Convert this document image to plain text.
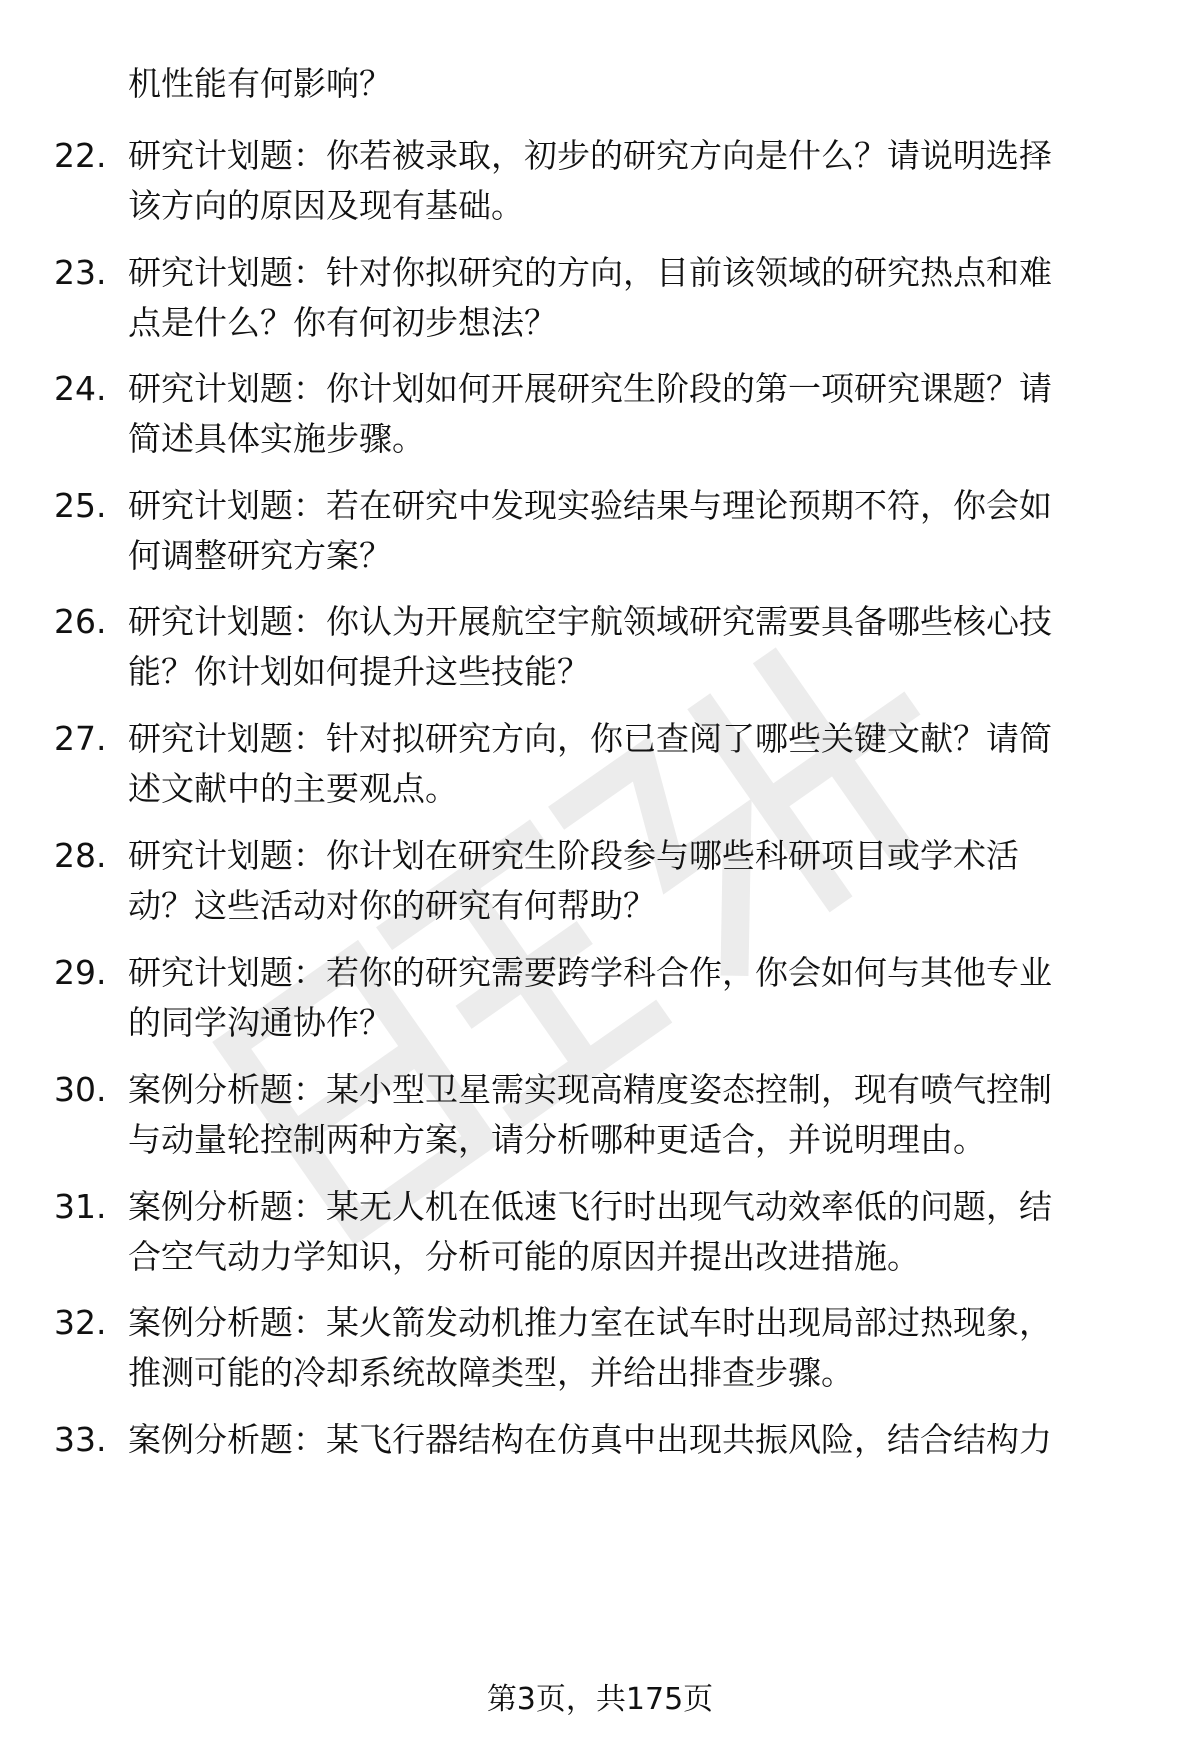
机性能有何影响？
22. 研究计划题：你若被录取，初步的研究方向是什么？请说明选择
该方向的原因及现有基础。
23. 研究计划题：针对你拟研究的方向，目前该领域的研究热点和难
点是什么？你有何初步想法？
24. 研究计划题：你计划如何开展研究生阶段的第一项研究课题？请
简述具体实施步骤。
25. 研究计划题：若在研究中发现实验结果与理论预期不符，你会如
何调整研究方案？
26. 研究计划题：你认为开展航空宇航领域研究需要具备哪些核心技
能？你计划如何提升这些技能？
27. 研究计划题：针对拟研究方向，你已查阅了哪些关键文献？请简
述文献中的主要观点。
28. 研究计划题：你计划在研究生阶段参与哪些科研项目或学术活
动？这些活动对你的研究有何帮助？
29. 研究计划题：若你的研究需要跨学科合作，你会如何与其他专业
的同学沟通协作？
30. 案例分析题：某小型卫星需实现高精度姿态控制，现有喷气控制
与动量轮控制两种方案，请分析哪种更适合，并说明理由。
31. 案例分析题：某无人机在低速飞行时出现气动效率低的问题，结
合空气动力学知识，分析可能的原因并提出改进措施。
32. 案例分析题：某火箭发动机推力室在试车时出现局部过热现象，
推测可能的冷却系统故障类型，并给出排查步骤。
33. 案例分析题：某飞行器结构在仿真中出现共振风险，结合结构力
第3页，共175页
